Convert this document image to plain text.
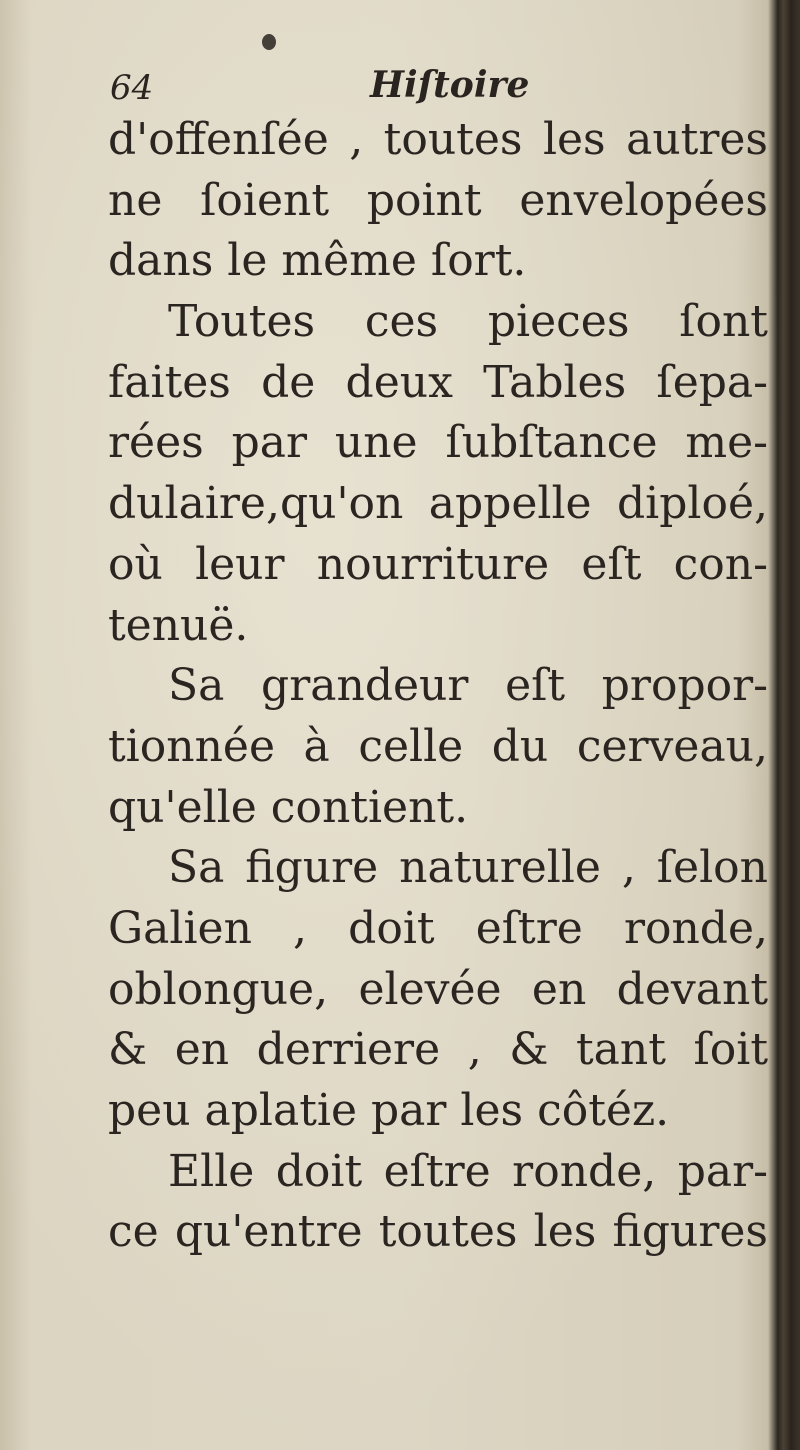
64	Hiſtoire
d'offenſée , toutes les autres
ne ſoient point envelopées
dans le même ſort.
Toutes ces pieces ſont
faites de deux Tables ſepa-
rées par une ſubſtance me-
dulaire,qu'on appelle diploé,
où leur nourriture eſt con-
tenuë.
Sa grandeur eſt propor-
tionnée à celle du cerveau,
qu'elle contient.
Sa figure naturelle , ſelon
Galien , doit eſtre ronde,
oblongue, elevée en devant
& en derriere , & tant ſoit
peu aplatie par les côtéz.
Elle doit eſtre ronde, par-
ce qu'entre toutes les figures
